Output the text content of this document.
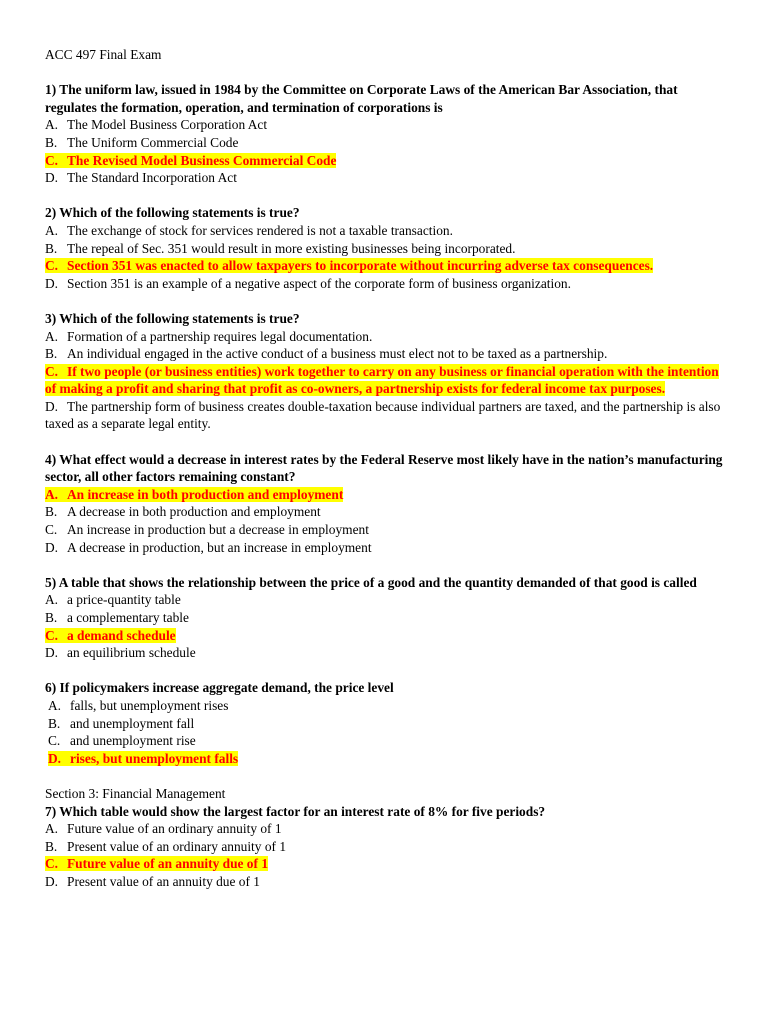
ACC 497 Final Exam
1) The uniform law, issued in 1984 by the Committee on Corporate Laws of the American Bar Association, that regulates the formation, operation, and termination of corporations is
A. The Model Business Corporation Act
B. The Uniform Commercial Code
C. The Revised Model Business Commercial Code
D. The Standard Incorporation Act
2) Which of the following statements is true?
A. The exchange of stock for services rendered is not a taxable transaction.
B. The repeal of Sec. 351 would result in more existing businesses being incorporated.
C. Section 351 was enacted to allow taxpayers to incorporate without incurring adverse tax consequences.
D. Section 351 is an example of a negative aspect of the corporate form of business organization.
3) Which of the following statements is true?
A. Formation of a partnership requires legal documentation.
B. An individual engaged in the active conduct of a business must elect not to be taxed as a partnership.
C. If two people (or business entities) work together to carry on any business or financial operation with the intention of making a profit and sharing that profit as co-owners, a partnership exists for federal income tax purposes.
D. The partnership form of business creates double-taxation because individual partners are taxed, and the partnership is also taxed as a separate legal entity.
4) What effect would a decrease in interest rates by the Federal Reserve most likely have in the nation’s manufacturing sector, all other factors remaining constant?
A. An increase in both production and employment
B. A decrease in both production and employment
C. An increase in production but a decrease in employment
D. A decrease in production, but an increase in employment
5) A table that shows the relationship between the price of a good and the quantity demanded of that good is called
A. a price-quantity table
B. a complementary table
C. a demand schedule
D. an equilibrium schedule
6) If policymakers increase aggregate demand, the price level
A. falls, but unemployment rises
B. and unemployment fall
C. and unemployment rise
D. rises, but unemployment falls
Section 3: Financial Management
7) Which table would show the largest factor for an interest rate of 8% for five periods?
A. Future value of an ordinary annuity of 1
B. Present value of an ordinary annuity of 1
C. Future value of an annuity due of 1
D. Present value of an annuity due of 1
